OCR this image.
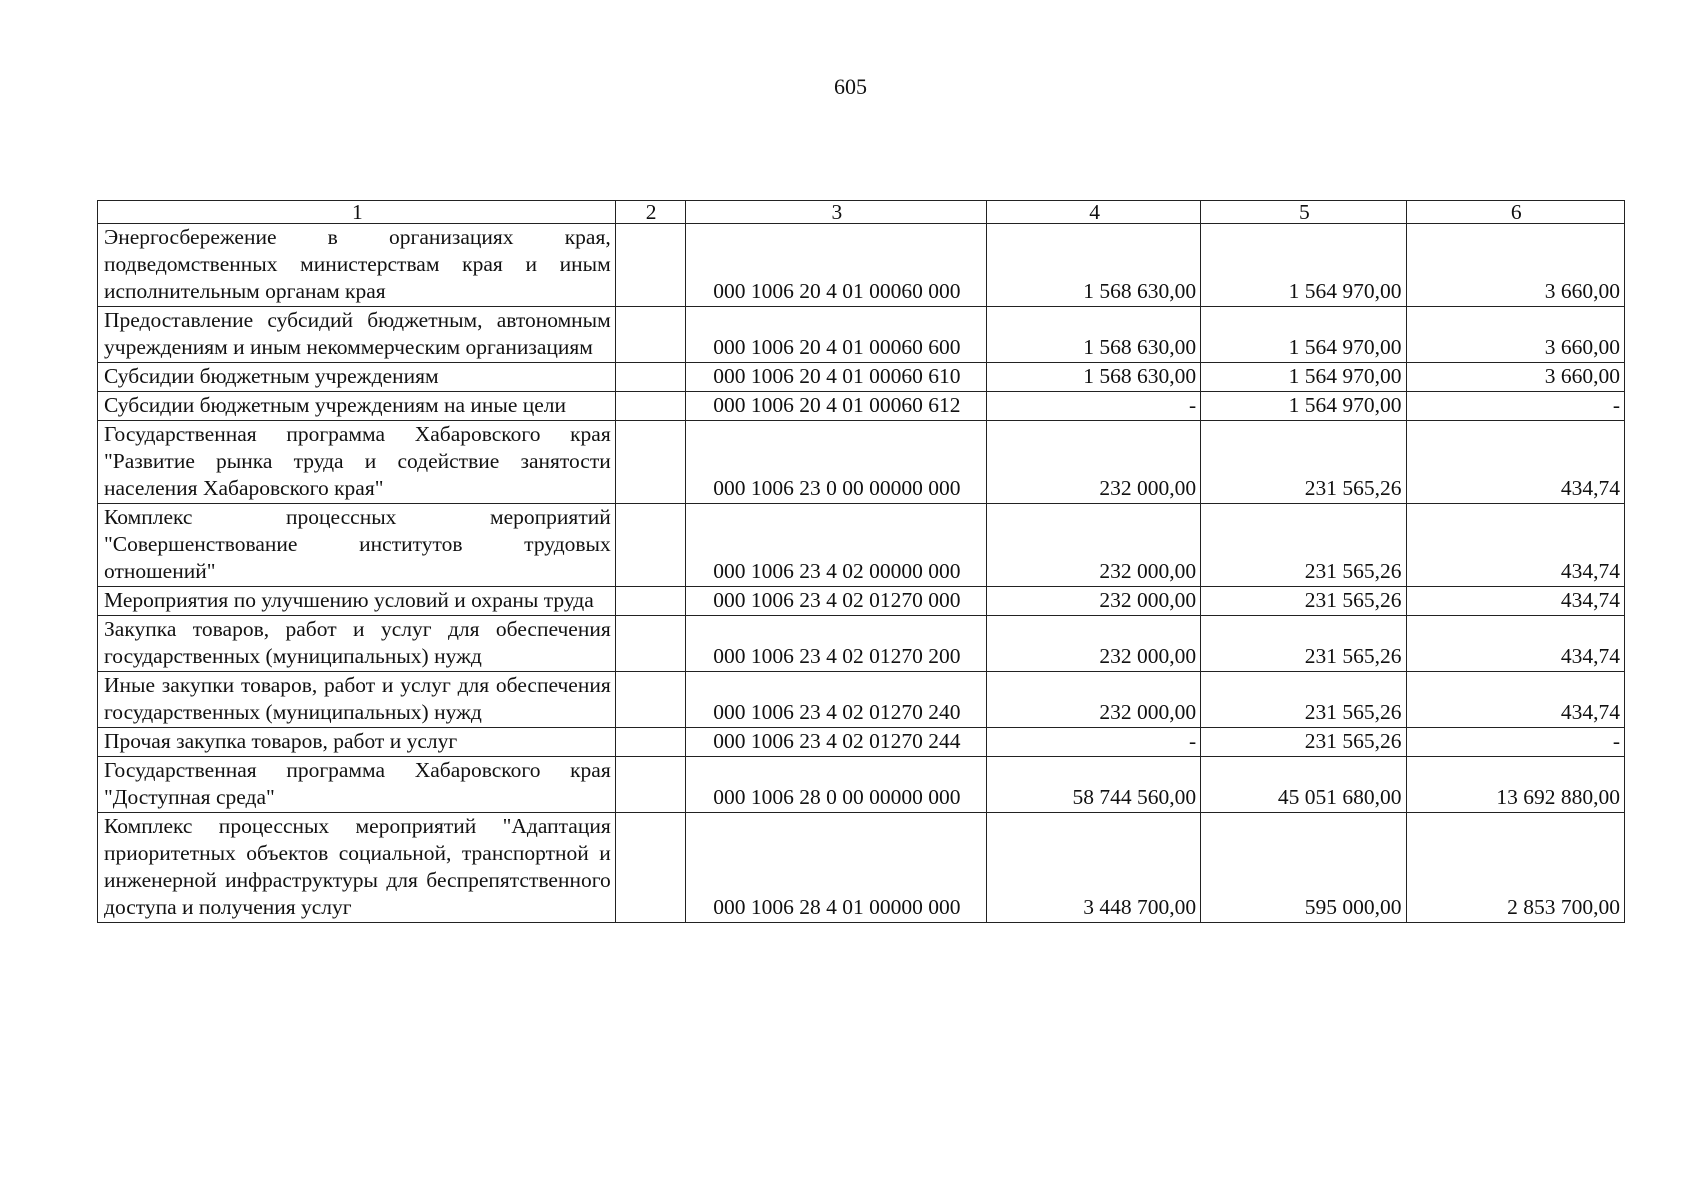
605
1	2	3	4	5	6
Энергосбережение в организациях края, подведомственных министерствам края и иным исполнительным органам края		000 1006 20 4 01 00060 000	1 568 630,00	1 564 970,00	3 660,00
Предоставление субсидий бюджетным, автономным учреждениям и иным некоммерческим организациям		000 1006 20 4 01 00060 600	1 568 630,00	1 564 970,00	3 660,00
Субсидии бюджетным учреждениям		000 1006 20 4 01 00060 610	1 568 630,00	1 564 970,00	3 660,00
Субсидии бюджетным учреждениям на иные цели		000 1006 20 4 01 00060 612	-	1 564 970,00	-
Государственная программа Хабаровского края "Развитие рынка труда и содействие занятости населения Хабаровского края"		000 1006 23 0 00 00000 000	232 000,00	231 565,26	434,74
Комплекс процессных мероприятий "Совершенствование институтов трудовых отношений"		000 1006 23 4 02 00000 000	232 000,00	231 565,26	434,74
Мероприятия по улучшению условий и охраны труда		000 1006 23 4 02 01270 000	232 000,00	231 565,26	434,74
Закупка товаров, работ и услуг для обеспечения государственных (муниципальных) нужд		000 1006 23 4 02 01270 200	232 000,00	231 565,26	434,74
Иные закупки товаров, работ и услуг для обеспечения государственных (муниципальных) нужд		000 1006 23 4 02 01270 240	232 000,00	231 565,26	434,74
Прочая закупка товаров, работ и услуг		000 1006 23 4 02 01270 244	-	231 565,26	-
Государственная программа Хабаровского края "Доступная среда"		000 1006 28 0 00 00000 000	58 744 560,00	45 051 680,00	13 692 880,00
Комплекс процессных мероприятий "Адаптация приоритетных объектов социальной, транспортной и инженерной инфраструктуры для беспрепятственного доступа и получения услуг		000 1006 28 4 01 00000 000	3 448 700,00	595 000,00	2 853 700,00
